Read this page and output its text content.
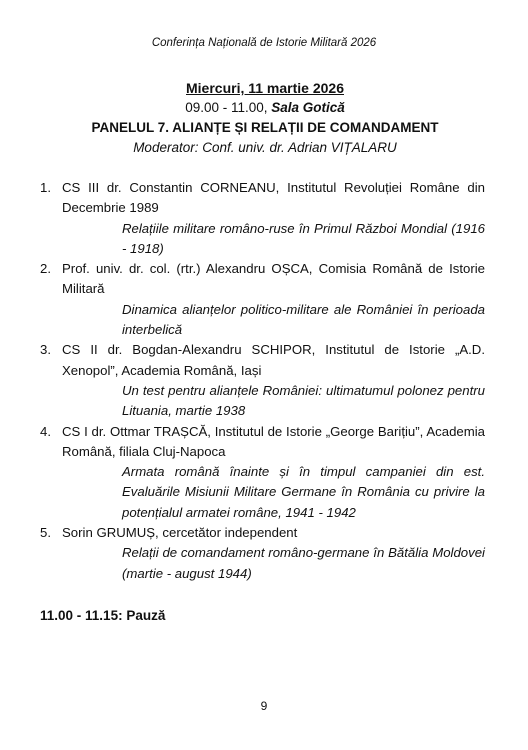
Conferința Națională de Istorie Militară 2026
Miercuri, 11 martie 2026
09.00 - 11.00, Sala Gotică
PANELUL 7. ALIANȚE ȘI RELAȚII DE COMANDAMENT
Moderator: Conf. univ. dr. Adrian VIȚALARU
1. CS III dr. Constantin CORNEANU, Institutul Revoluției Române din Decembrie 1989
Relațiile militare româno-ruse în Primul Război Mondial (1916 - 1918)
2. Prof. univ. dr. col. (rtr.) Alexandru OȘCA, Comisia Română de Istorie Militară
Dinamica alianțelor politico-militare ale României în perioada interbelică
3. CS II dr. Bogdan-Alexandru SCHIPOR, Institutul de Istorie „A.D. Xenopol”, Academia Română, Iași
Un test pentru alianțele României: ultimatumul polonez pentru Lituania, martie 1938
4. CS I dr. Ottmar TRAȘCĂ, Institutul de Istorie „George Barițiu”, Academia Română, filiala Cluj-Napoca
Armata română înainte și în timpul campaniei din est. Evaluările Misiunii Militare Germane în România cu privire la potențialul armatei române, 1941 - 1942
5. Sorin GRUMUȘ, cercetător independent
Relații de comandament româno-germane în Bătălia Moldovei (martie - august 1944)
11.00 - 11.15: Pauză
9
